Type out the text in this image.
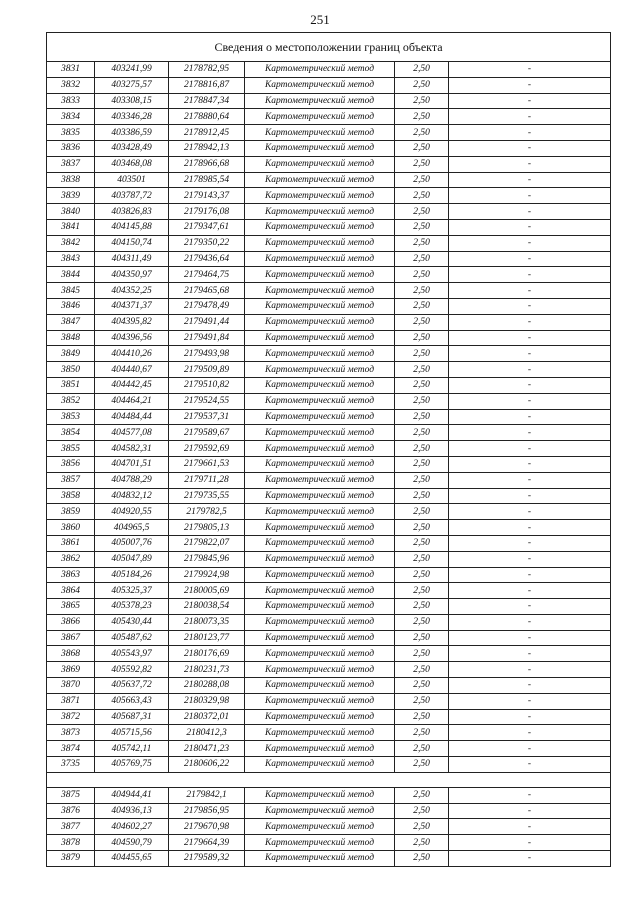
251
Сведения о местоположении границ объекта					
3831	403241,99	2178782,95	Картометрический метод	2,50	-
3832	403275,57	2178816,87	Картометрический метод	2,50	-
3833	403308,15	2178847,34	Картометрический метод	2,50	-
3834	403346,28	2178880,64	Картометрический метод	2,50	-
3835	403386,59	2178912,45	Картометрический метод	2,50	-
3836	403428,49	2178942,13	Картометрический метод	2,50	-
3837	403468,08	2178966,68	Картометрический метод	2,50	-
3838	403501	2178985,54	Картометрический метод	2,50	-
3839	403787,72	2179143,37	Картометрический метод	2,50	-
3840	403826,83	2179176,08	Картометрический метод	2,50	-
3841	404145,88	2179347,61	Картометрический метод	2,50	-
3842	404150,74	2179350,22	Картометрический метод	2,50	-
3843	404311,49	2179436,64	Картометрический метод	2,50	-
3844	404350,97	2179464,75	Картометрический метод	2,50	-
3845	404352,25	2179465,68	Картометрический метод	2,50	-
3846	404371,37	2179478,49	Картометрический метод	2,50	-
3847	404395,82	2179491,44	Картометрический метод	2,50	-
3848	404396,56	2179491,84	Картометрический метод	2,50	-
3849	404410,26	2179493,98	Картометрический метод	2,50	-
3850	404440,67	2179509,89	Картометрический метод	2,50	-
3851	404442,45	2179510,82	Картометрический метод	2,50	-
3852	404464,21	2179524,55	Картометрический метод	2,50	-
3853	404484,44	2179537,31	Картометрический метод	2,50	-
3854	404577,08	2179589,67	Картометрический метод	2,50	-
3855	404582,31	2179592,69	Картометрический метод	2,50	-
3856	404701,51	2179661,53	Картометрический метод	2,50	-
3857	404788,29	2179711,28	Картометрический метод	2,50	-
3858	404832,12	2179735,55	Картометрический метод	2,50	-
3859	404920,55	2179782,5	Картометрический метод	2,50	-
3860	404965,5	2179805,13	Картометрический метод	2,50	-
3861	405007,76	2179822,07	Картометрический метод	2,50	-
3862	405047,89	2179845,96	Картометрический метод	2,50	-
3863	405184,26	2179924,98	Картометрический метод	2,50	-
3864	405325,37	2180005,69	Картометрический метод	2,50	-
3865	405378,23	2180038,54	Картометрический метод	2,50	-
3866	405430,44	2180073,35	Картометрический метод	2,50	-
3867	405487,62	2180123,77	Картометрический метод	2,50	-
3868	405543,97	2180176,69	Картометрический метод	2,50	-
3869	405592,82	2180231,73	Картометрический метод	2,50	-
3870	405637,72	2180288,08	Картометрический метод	2,50	-
3871	405663,43	2180329,98	Картометрический метод	2,50	-
3872	405687,31	2180372,01	Картометрический метод	2,50	-
3873	405715,56	2180412,3	Картометрический метод	2,50	-
3874	405742,11	2180471,23	Картометрический метод	2,50	-
3735	405769,75	2180606,22	Картометрический метод	2,50	-

3875	404944,41	2179842,1	Картометрический метод	2,50	-
3876	404936,13	2179856,95	Картометрический метод	2,50	-
3877	404602,27	2179670,98	Картометрический метод	2,50	-
3878	404590,79	2179664,39	Картометрический метод	2,50	-
3879	404455,65	2179589,32	Картометрический метод	2,50	-
